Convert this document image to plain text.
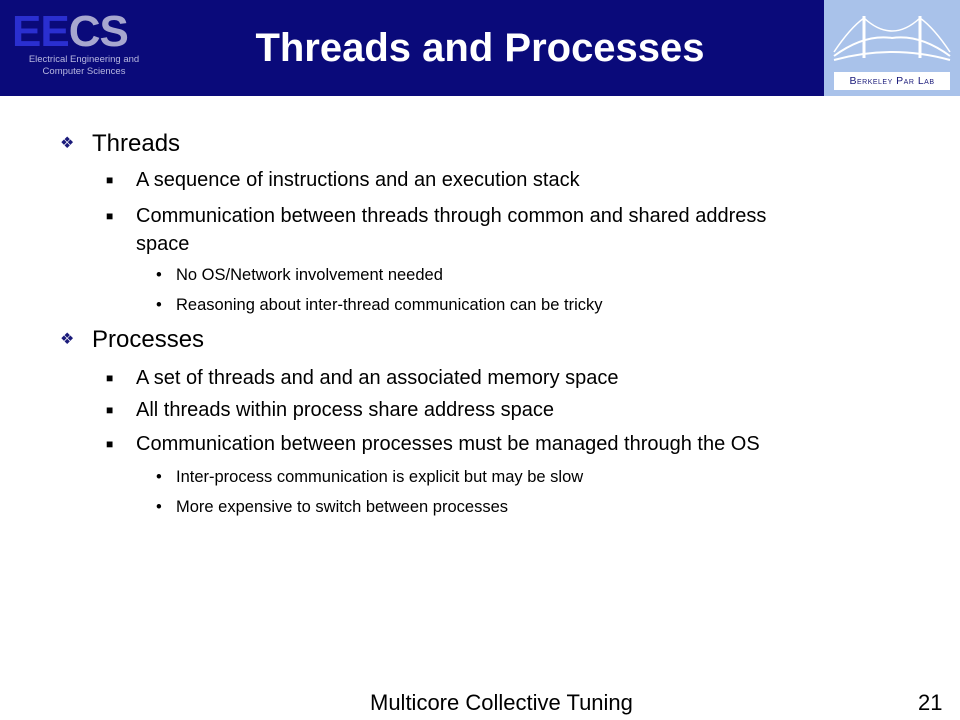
EECS
Electrical Engineering and
Computer Sciences
Threads and Processes
Berkeley Par Lab
❖ Threads
■ A sequence of instructions and an execution stack
■ Communication between threads through common and shared address
space
• No OS/Network involvement needed
• Reasoning about inter-thread communication can be tricky
❖ Processes
■ A set of threads and and an associated memory space
■ All threads within process share address space
■ Communication between processes must be managed through the OS
• Inter-process communication is explicit but may be slow
• More expensive to switch between processes
Multicore Collective Tuning	21
